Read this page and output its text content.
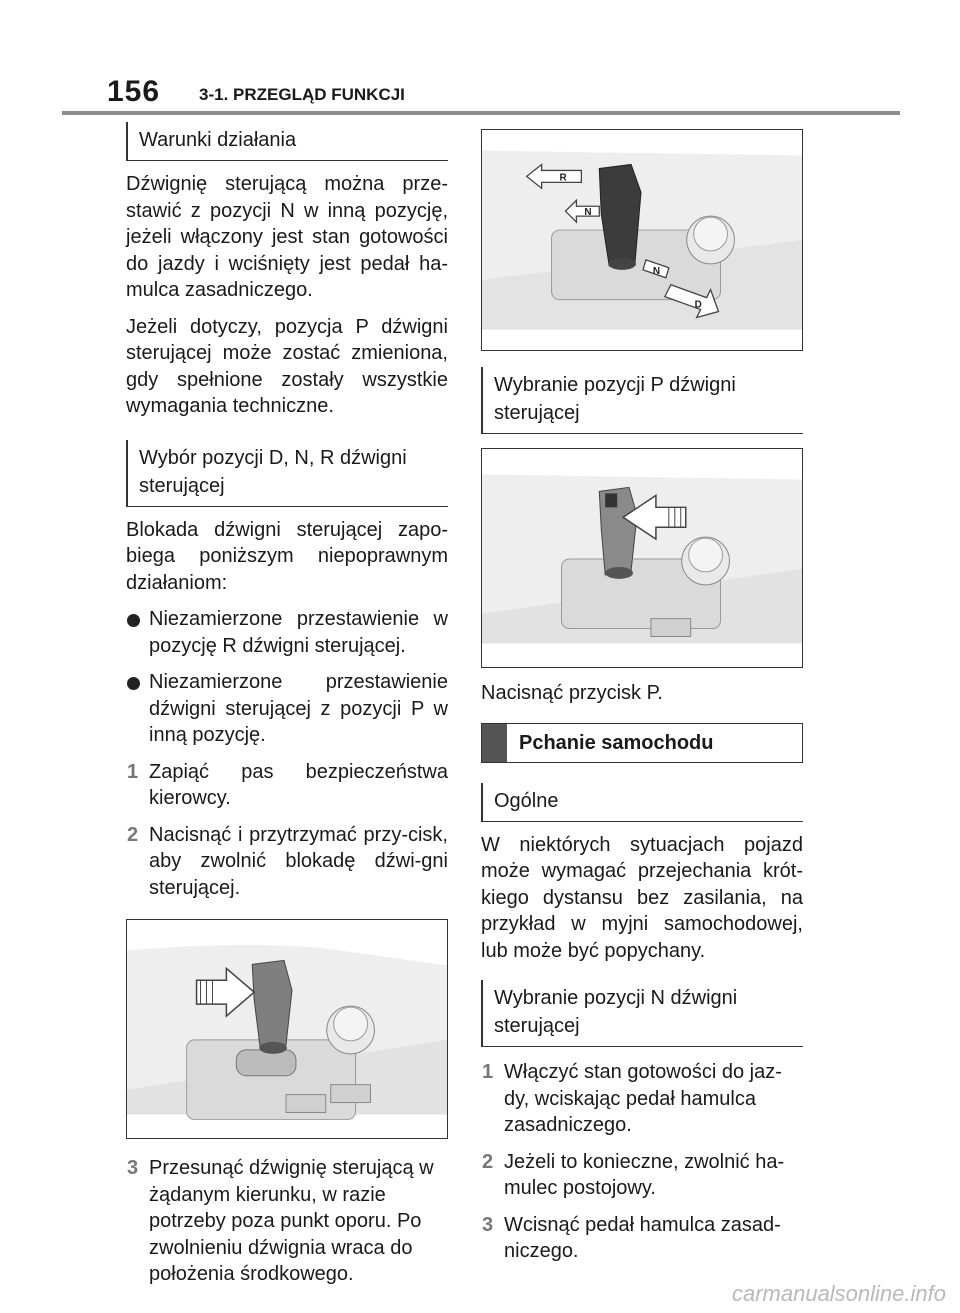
156 3-1. PRZEGLĄD FUNKCJI
Warunki działania

Dźwignię sterującą można prze-stawić z pozycji N w inną pozycję, jeżeli włączony jest stan gotowości do jazdy i wciśnięty jest pedał ha-mulca zasadniczego.

Jeżeli dotyczy, pozycja P dźwigni sterującej może zostać zmieniona, gdy spełnione zostały wszystkie wymagania techniczne.

Wybór pozycji D, N, R dźwigni sterującej

Blokada dźwigni sterującej zapo-biega poniższym niepoprawnym działaniom:

Niezamierzone przestawienie w pozycję R dźwigni sterującej.
Niezamierzone przestawienie dźwigni sterującej z pozycji P w inną pozycję.
1 Zapiąć pas bezpieczeństwa kierowcy.
2 Nacisnąć i przytrzymać przy-cisk, aby zwolnić blokadę dźwi-gni sterującej.
3 Przesunąć dźwignię sterującą w żądanym kierunku, w razie potrzeby poza punkt oporu. Po zwolnieniu dźwignia wraca do położenia środkowego.
R
N
N
D
Wybranie pozycji P dźwigni sterującej

Nacisnąć przycisk P.

Pchanie samochodu
Ogólne

W niektórych sytuacjach pojazd może wymagać przejechania krót-kiego dystansu bez zasilania, na przykład w myjni samochodowej, lub może być popychany.

Wybranie pozycji N dźwigni sterującej
1 Włączyć stan gotowości do jaz-dy, wciskając pedał hamulca zasadniczego.
2 Jeżeli to konieczne, zwolnić ha-mulec postojowy.
3 Wcisnąć pedał hamulca zasad-niczego.
carmanualsonline.info
